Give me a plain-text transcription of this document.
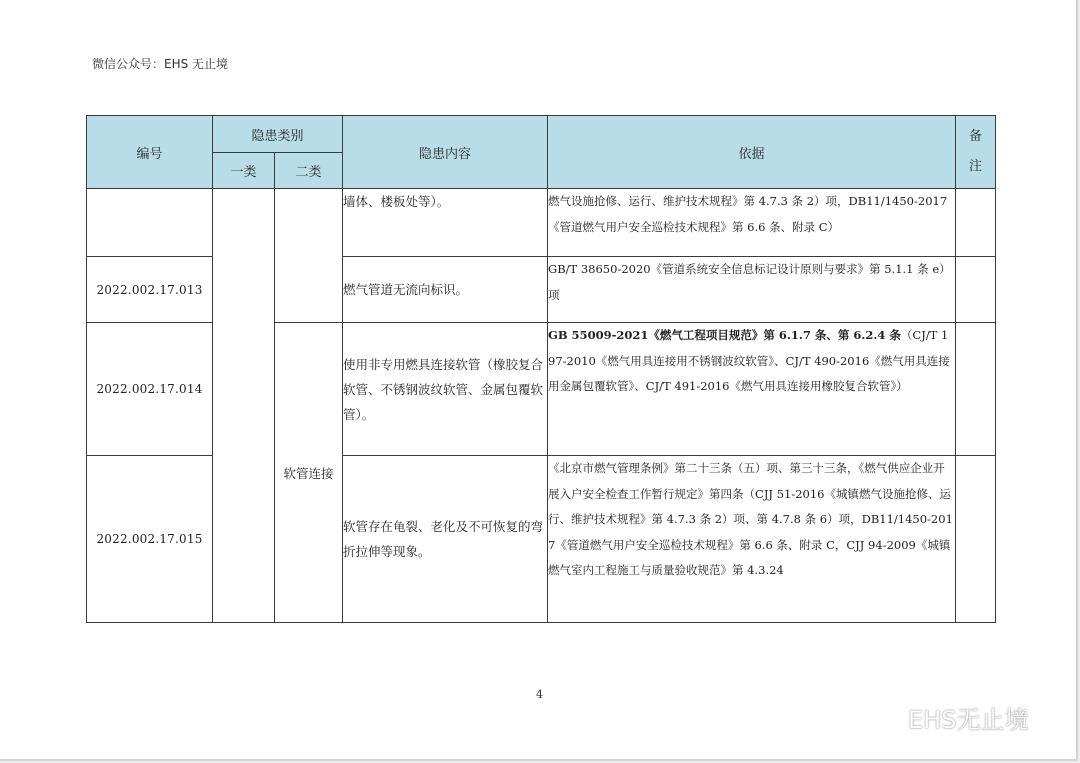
微信公众号：EHS 无止境
编号	隐患类别		隐患内容	依据	备
注

	一类	二类			
			墙体、楼板处等）。	燃气设施抢修、运行、维护技术规程》第 4.7.3 条 2）项，DB11/1450-2017《管道燃气用户安全巡检技术规程》第 6.6 条、附录 C）	
2022.002.17.013			燃气管道无流向标识。	GB/T 38650-2020《管道系统安全信息标记设计原则与要求》第 5.1.1 条 e）项	
2022.002.17.014		软管连接	使用非专用燃具连接软管（橡胶复合软管、不锈钢波纹软管、金属包覆软管）。	GB 55009-2021《燃气工程项目规范》第 6.1.7 条、第 6.2.4 条（CJ/T 197-2010《燃气用具连接用不锈钢波纹软管》、CJ/T 490-2016《燃气用具连接用金属包覆软管》、CJ/T 491-2016《燃气用具连接用橡胶复合软管》）	
2022.002.17.015			软管存在龟裂、老化及不可恢复的弯折拉伸等现象。	《北京市燃气管理条例》第二十三条（五）项、第三十三条，《燃气供应企业开展入户安全检查工作暂行规定》第四条（CJJ 51-2016《城镇燃气设施抢修、运行、维护技术规程》第 4.7.3 条 2）项、第 4.7.8 条 6）项，DB11/1450-2017《管道燃气用户安全巡检技术规程》第 6.6 条、附录 C，CJJ 94-2009《城镇燃气室内工程施工与质量验收规范》第 4.3.24	
4
EHS无止境
